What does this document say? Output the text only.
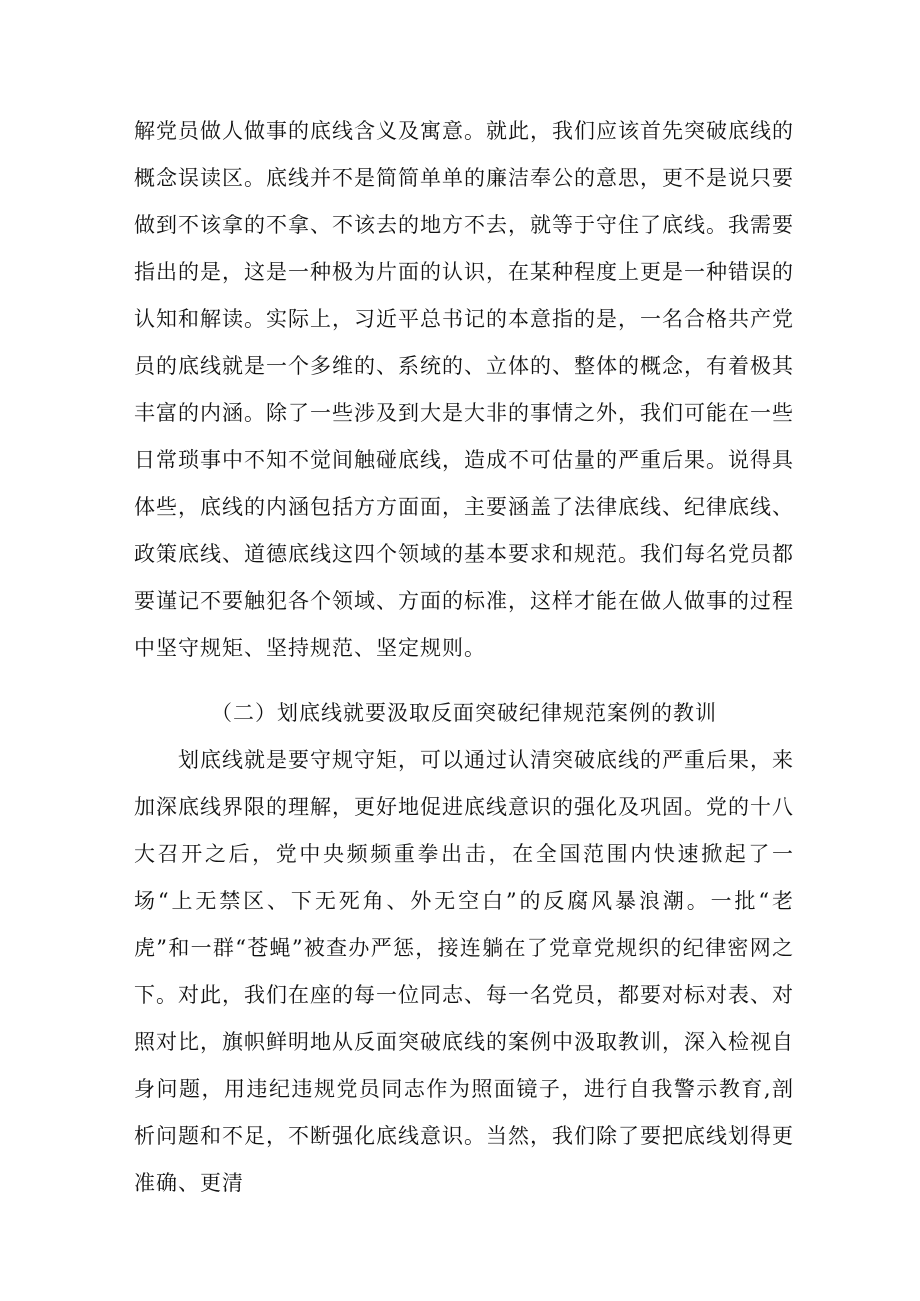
解党员做人做事的底线含义及寓意。就此，我们应该首先突破底线的概念误读区。底线并不是简简单单的廉洁奉公的意思，更不是说只要做到不该拿的不拿、不该去的地方不去，就等于守住了底线。我需要指出的是，这是一种极为片面的认识，在某种程度上更是一种错误的认知和解读。实际上，习近平总书记的本意指的是，一名合格共产党员的底线就是一个多维的、系统的、立体的、整体的概念，有着极其丰富的内涵。除了一些涉及到大是大非的事情之外，我们可能在一些日常琐事中不知不觉间触碰底线，造成不可估量的严重后果。说得具体些，底线的内涵包括方方面面，主要涵盖了法律底线、纪律底线、政策底线、道德底线这四个领域的基本要求和规范。我们每名党员都要谨记不要触犯各个领域、方面的标准，这样才能在做人做事的过程中坚守规矩、坚持规范、坚定规则。

（二）划底线就要汲取反面突破纪律规范案例的教训

划底线就是要守规守矩，可以通过认清突破底线的严重后果，来加深底线界限的理解，更好地促进底线意识的强化及巩固。党的十八大召开之后，党中央频频重拳出击，在全国范围内快速掀起了一场“上无禁区、下无死角、外无空白”的反腐风暴浪潮。一批“老虎”和一群“苍蝇”被查办严惩，接连躺在了党章党规织的纪律密网之下。对此，我们在座的每一位同志、每一名党员，都要对标对表、对照对比，旗帜鲜明地从反面突破底线的案例中汲取教训，深入检视自身问题，用违纪违规党员同志作为照面镜子，进行自我警示教育,剖析问题和不足，不断强化底线意识。当然，我们除了要把底线划得更准确、更清
